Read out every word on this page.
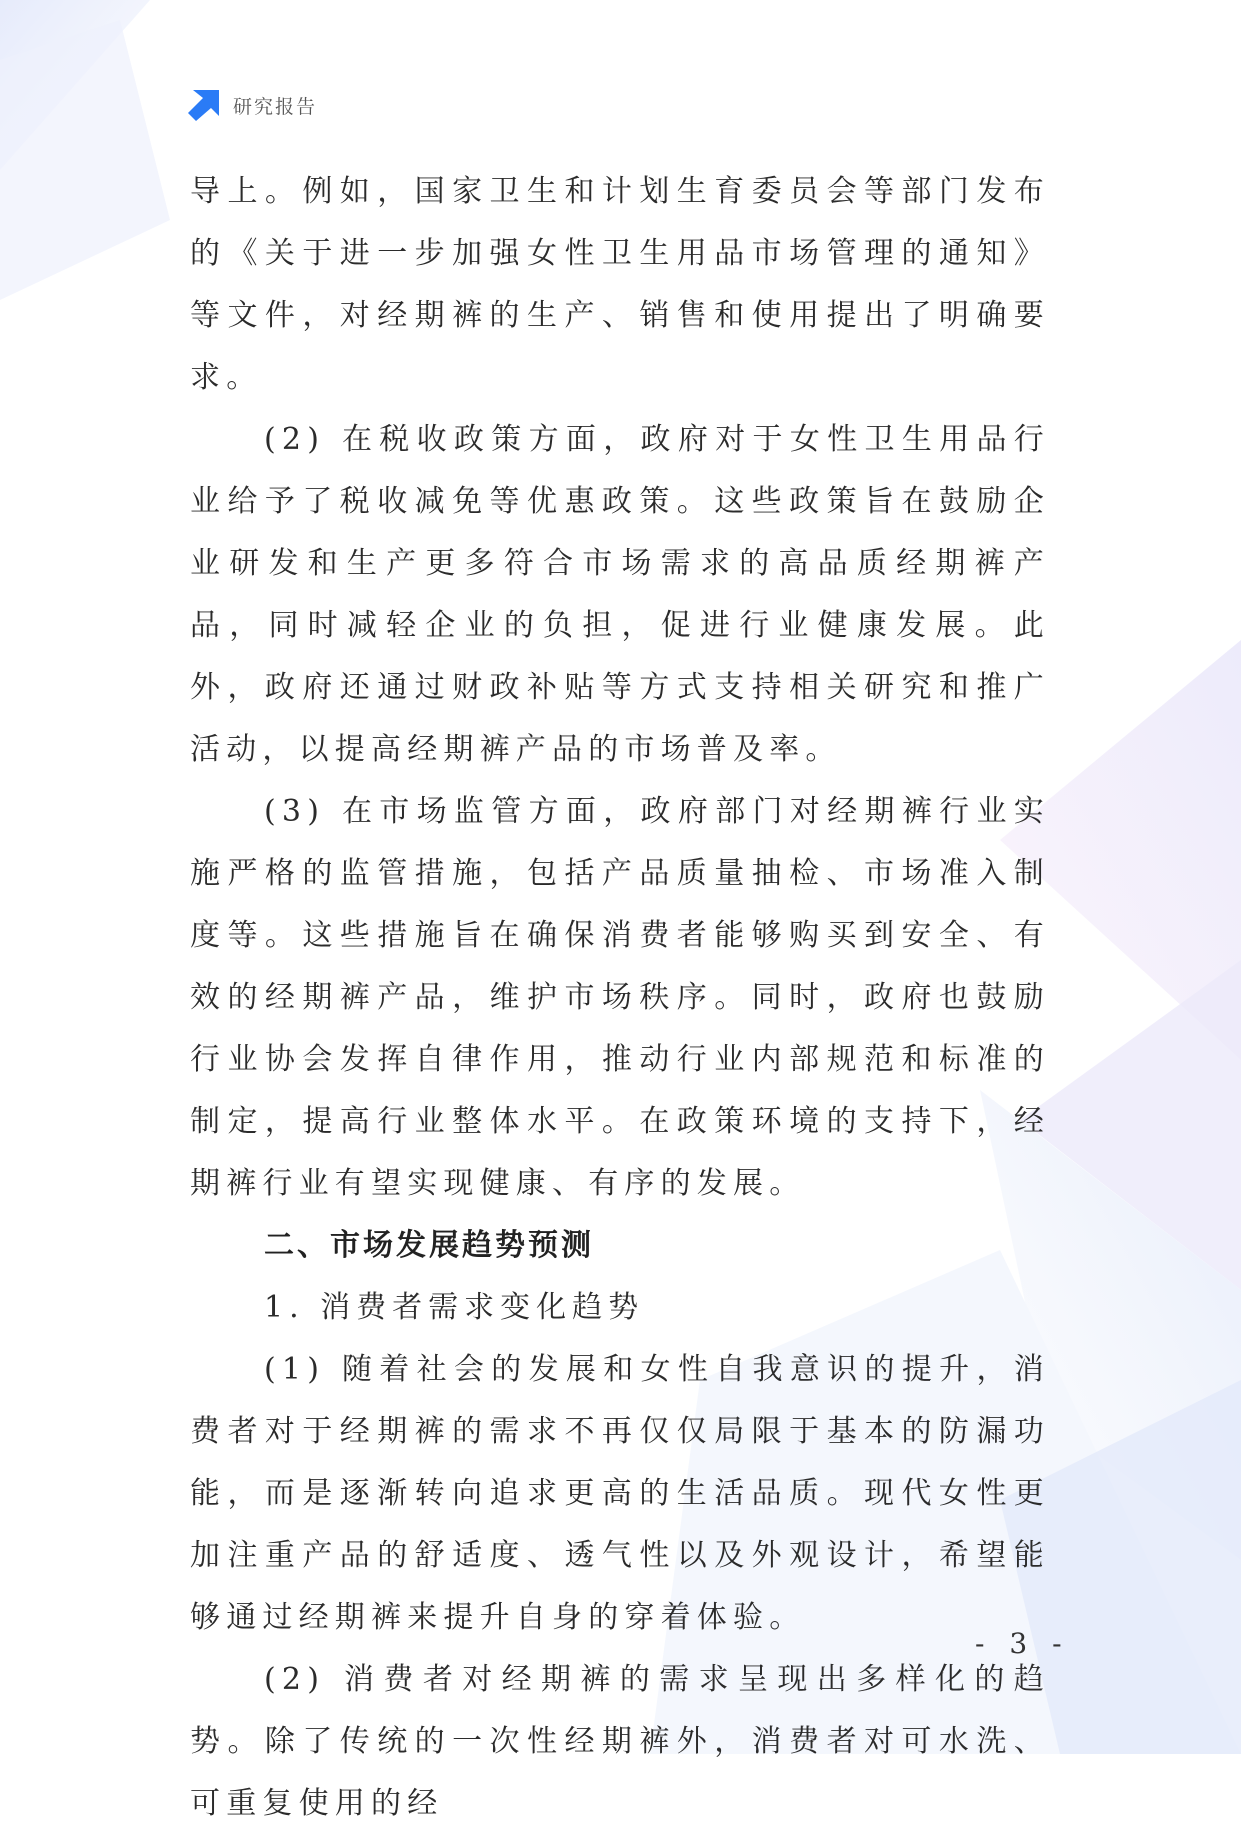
研究报告

导上。例如，国家卫生和计划生育委员会等部门发布的《关于进一步加强女性卫生用品市场管理的通知》等文件，对经期裤的生产、销售和使用提出了明确要求。

(2) 在税收政策方面，政府对于女性卫生用品行业给予了税收减免等优惠政策。这些政策旨在鼓励企业研发和生产更多符合市场需求的高品质经期裤产品，同时减轻企业的负担，促进行业健康发展。此外，政府还通过财政补贴等方式支持相关研究和推广活动，以提高经期裤产品的市场普及率。

(3) 在市场监管方面，政府部门对经期裤行业实施严格的监管措施，包括产品质量抽检、市场准入制度等。这些措施旨在确保消费者能够购买到安全、有效的经期裤产品，维护市场秩序。同时，政府也鼓励行业协会发挥自律作用，推动行业内部规范和标准的制定，提高行业整体水平。在政策环境的支持下，经期裤行业有望实现健康、有序的发展。

二、市场发展趋势预测

1. 消费者需求变化趋势

(1) 随着社会的发展和女性自我意识的提升，消费者对于经期裤的需求不再仅仅局限于基本的防漏功能，而是逐渐转向追求更高的生活品质。现代女性更加注重产品的舒适度、透气性以及外观设计，希望能够通过经期裤来提升自身的穿着体验。

(2) 消费者对经期裤的需求呈现出多样化的趋势。除了传统的一次性经期裤外，消费者对可水洗、可重复使用的经

- 3 -
